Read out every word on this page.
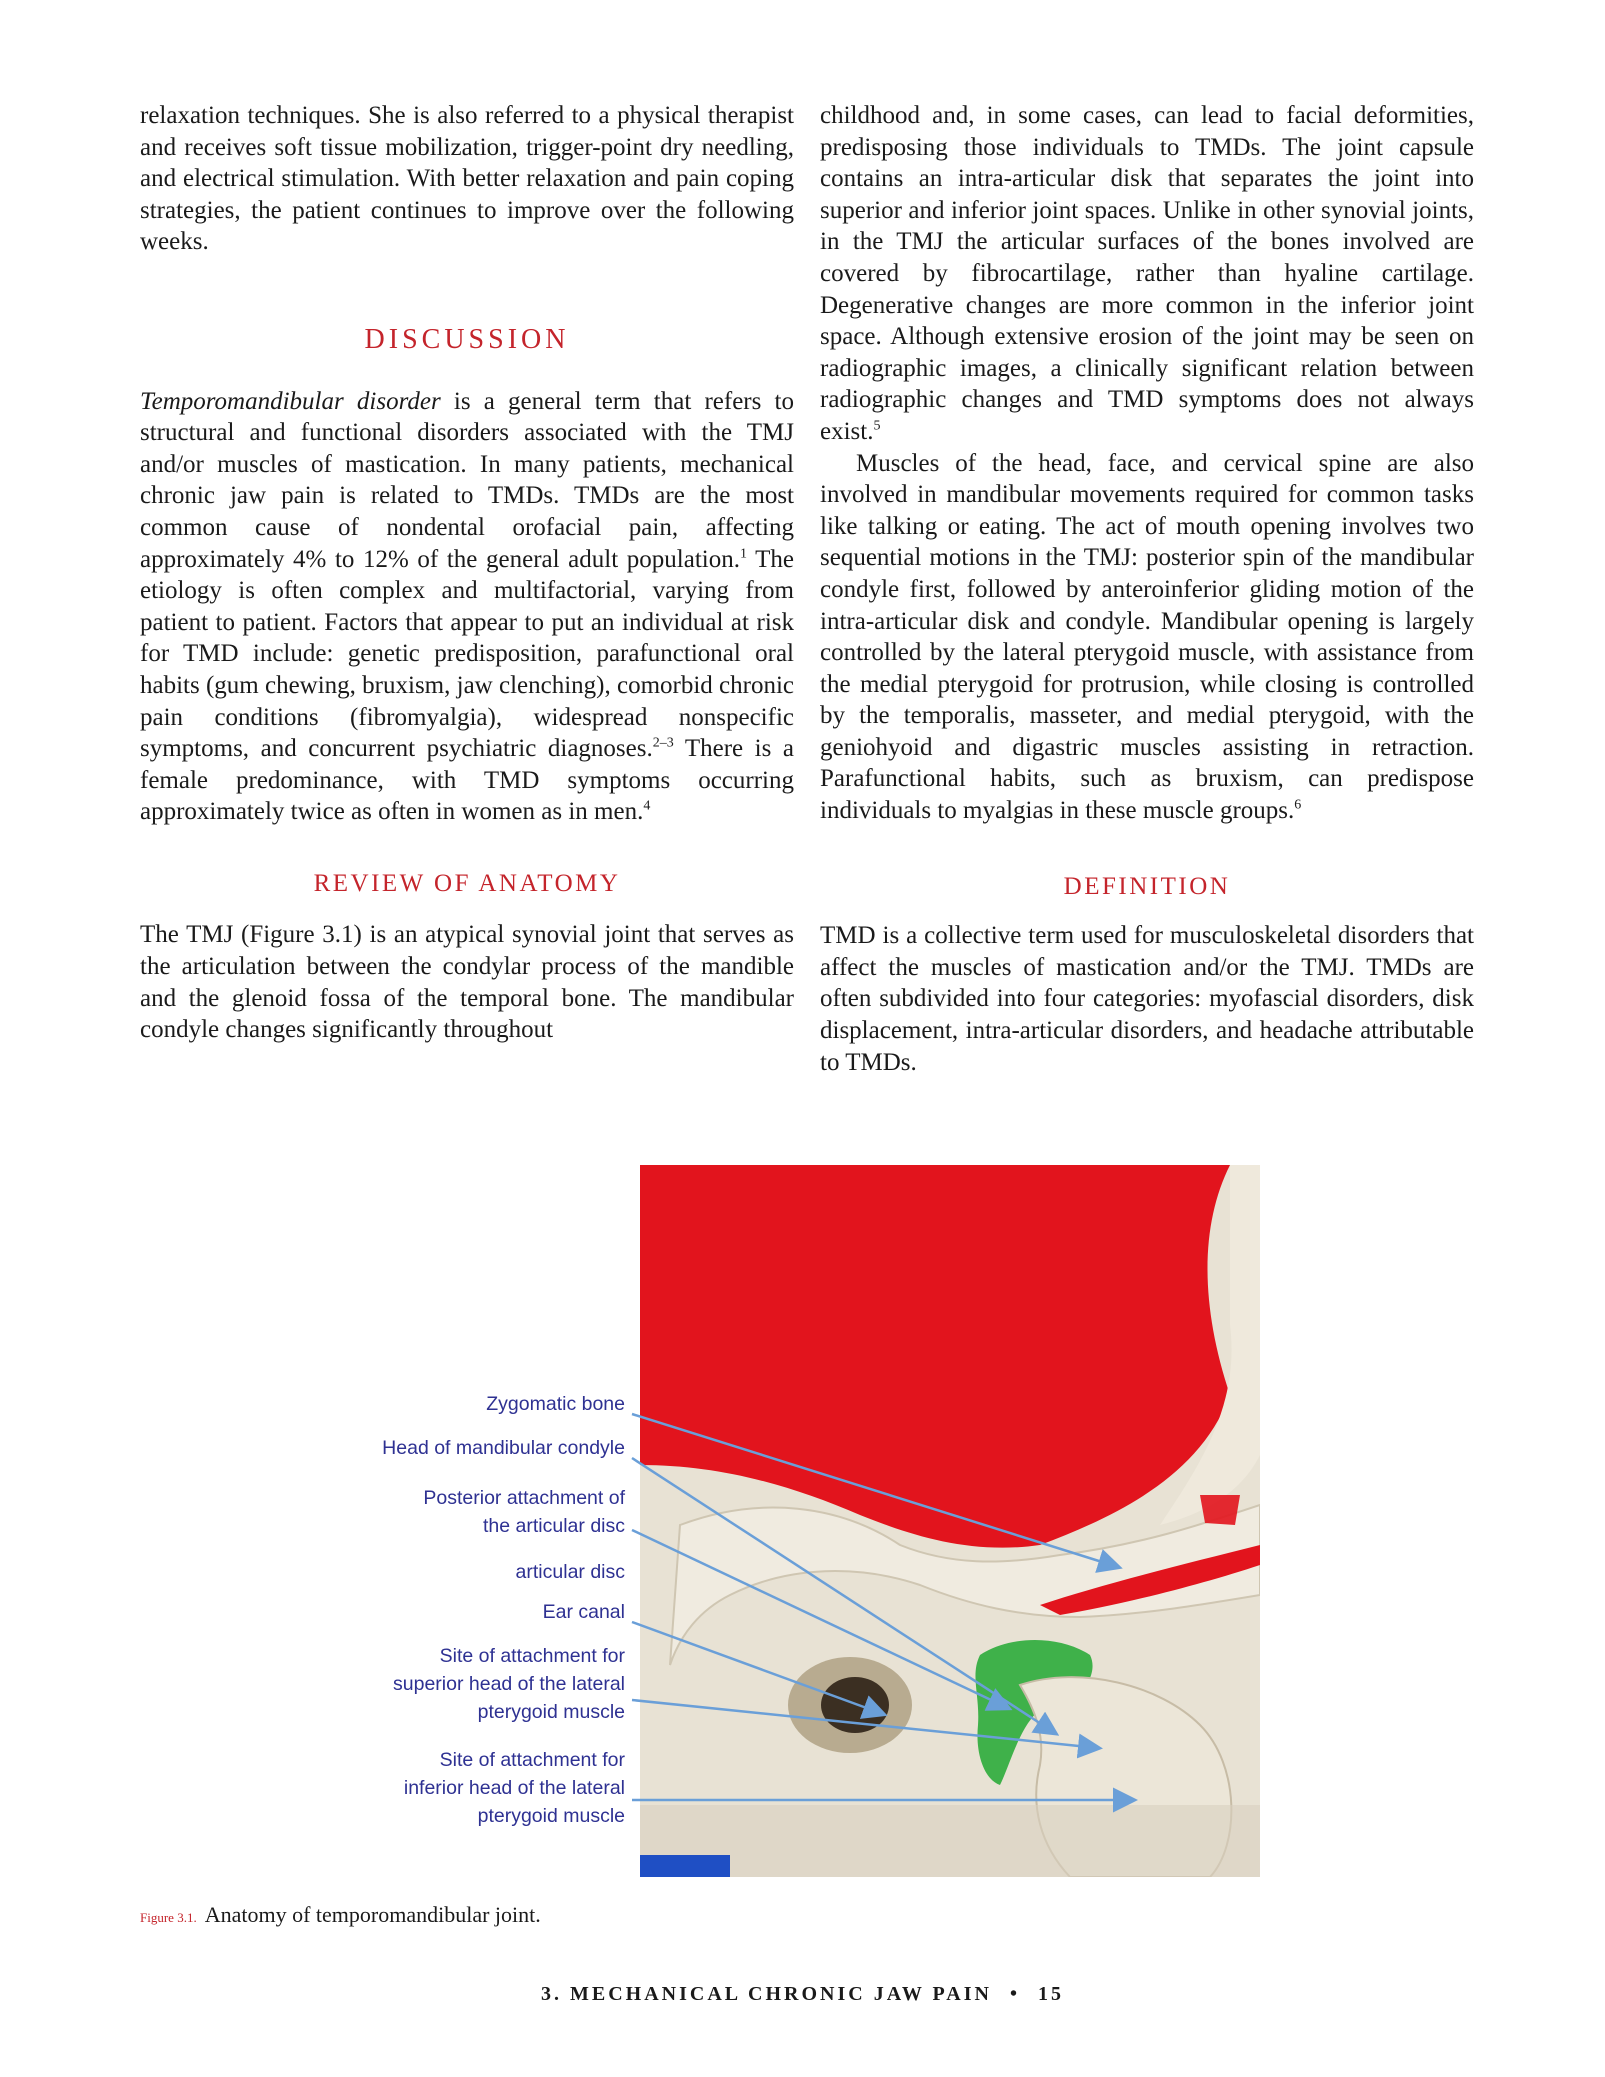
relaxation techniques. She is also referred to a physical therapist and receives soft tissue mobilization, trigger-point dry needling, and electrical stimulation. With better relaxation and pain coping strategies, the patient continues to improve over the following weeks.

DISCUSSION

Temporomandibular disorder is a general term that refers to structural and functional disorders associated with the TMJ and/or muscles of mastication. In many patients, mechanical chronic jaw pain is related to TMDs. TMDs are the most common cause of nondental orofacial pain, affecting approximately 4% to 12% of the general adult population.$^1$ The etiology is often complex and multifactorial, varying from patient to patient. Factors that appear to put an individual at risk for TMD include: genetic predisposition, parafunctional oral habits (gum chewing, bruxism, jaw clenching), comorbid chronic pain conditions (fibromyalgia), widespread nonspecific symptoms, and concurrent psychiatric diagnoses.$^{2-3}$ There is a female predominance, with TMD symptoms occurring approximately twice as often in women as in men.$^4$

REVIEW OF ANATOMY

The TMJ (Figure 3.1) is an atypical synovial joint that serves as the articulation between the condylar process of the mandible and the glenoid fossa of the temporal bone. The mandibular condyle changes significantly throughout

childhood and, in some cases, can lead to facial deformities, predisposing those individuals to TMDs. The joint capsule contains an intra-articular disk that separates the joint into superior and inferior joint spaces. Unlike in other synovial joints, in the TMJ the articular surfaces of the bones involved are covered by fibrocartilage, rather than hyaline cartilage. Degenerative changes are more common in the inferior joint space. Although extensive erosion of the joint may be seen on radiographic images, a clinically significant relation between radiographic changes and TMD symptoms does not always exist.$^5$

Muscles of the head, face, and cervical spine are also involved in mandibular movements required for common tasks like talking or eating. The act of mouth opening involves two sequential motions in the TMJ: posterior spin of the mandibular condyle first, followed by anteroinferior gliding motion of the intra-articular disk and condyle. Mandibular opening is largely controlled by the lateral pterygoid muscle, with assistance from the medial pterygoid for protrusion, while closing is controlled by the temporalis, masseter, and medial pterygoid, with the geniohyoid and digastric muscles assisting in retraction. Parafunctional habits, such as bruxism, can predispose individuals to myalgias in these muscle groups.$^6$

DEFINITION

TMD is a collective term used for musculoskeletal disorders that affect the muscles of mastication and/or the TMJ. TMDs are often subdivided into four categories: myofascial disorders, disk displacement, intra-articular disorders, and headache attributable to TMDs.

Zygomatic bone
Head of mandibular condyle
Posterior attachment of
the articular disc
articular disc
Ear canal
Site of attachment for
superior head of the lateral
pterygoid muscle
Site of attachment for
inferior head of the lateral
pterygoid muscle
Figure 3.1. Anatomy of temporomandibular joint.
3. MECHANICAL CHRONIC JAW PAIN • 15
